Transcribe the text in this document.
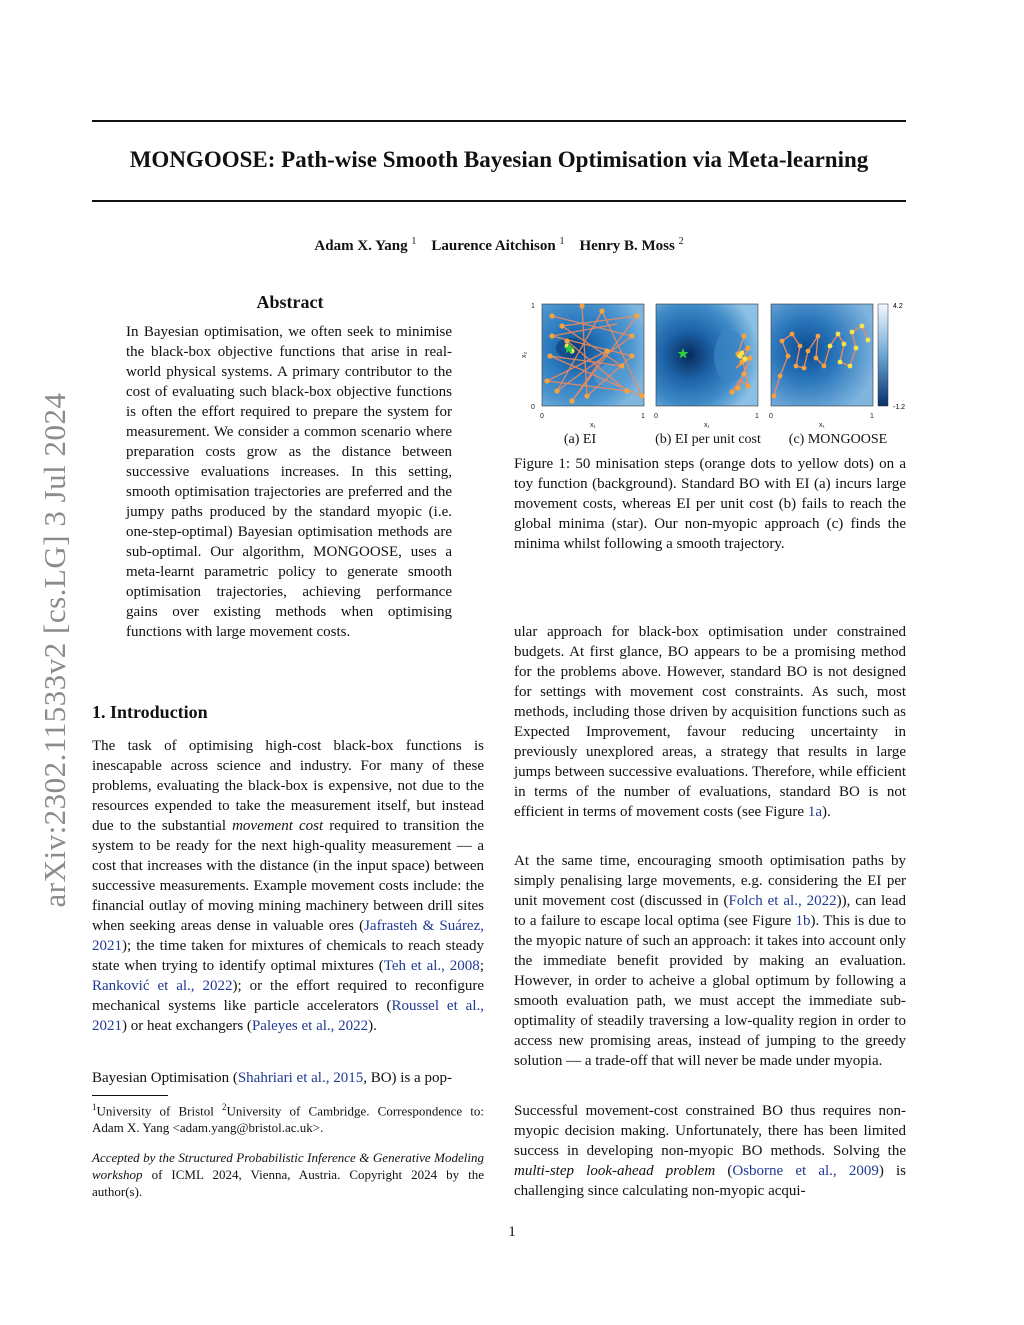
MONGOOSE: Path-wise Smooth Bayesian Optimisation via Meta-learning
Adam X. Yang $^1$ Laurence Aitchison $^1$ Henry B. Moss $^2$
arXiv:2302.11533v2 [cs.LG] 3 Jul 2024
Abstract
In Bayesian optimisation, we often seek to minimise the black-box objective functions that arise in real-world physical systems. A primary contributor to the cost of evaluating such black-box objective functions is often the effort required to prepare the system for measurement. We consider a common scenario where preparation costs grow as the distance between successive evaluations increases. In this setting, smooth optimisation trajectories are preferred and the jumpy paths produced by the standard myopic (i.e. one-step-optimal) Bayesian optimisation methods are sub-optimal. Our algorithm, MONGOOSE, uses a meta-learnt parametric policy to generate smooth optimisation trajectories, achieving performance gains over existing methods when optimising functions with large movement costs.
1. Introduction
The task of optimising high-cost black-box functions is inescapable across science and industry. For many of these problems, evaluating the black-box is expensive, not due to the resources expended to take the measurement itself, but instead due to the substantial movement cost required to transition the system to be ready for the next high-quality measurement — a cost that increases with the distance (in the input space) between successive measurements. Example movement costs include: the financial outlay of moving mining machinery between drill sites when seeking areas dense in valuable ores (Jafrasteh & Suárez, 2021); the time taken for mixtures of chemicals to reach steady state when trying to identify optimal mixtures (Teh et al., 2008; Ranković et al., 2022); or the effort required to reconfigure mechanical systems like particle accelerators (Roussel et al., 2021) or heat exchangers (Paleyes et al., 2022).
Bayesian Optimisation (Shahriari et al., 2015, BO) is a pop-
$^1$University of Bristol $^2$University of Cambridge. Correspondence to: Adam X. Yang <adam.yang@bristol.ac.uk>.
Accepted by the Structured Probabilistic Inference & Generative Modeling workshop of ICML 2024, Vienna, Austria. Copyright 2024 by the author(s).
4.2
-1.2
1
0
x₂
0	1
x₁
0	1
x₁
0	1
x₁
(a) EI	(b) EI per unit cost	(c) MONGOOSE
Figure 1: 50 minisation steps (orange dots to yellow dots) on a toy function (background). Standard BO with EI (a) incurs large movement costs, whereas EI per unit cost (b) fails to reach the global minima (star). Our non-myopic approach (c) finds the minima whilst following a smooth trajectory.
ular approach for black-box optimisation under constrained budgets. At first glance, BO appears to be a promising method for the problems above. However, standard BO is not designed for settings with movement cost constraints. As such, most methods, including those driven by acquisition functions such as Expected Improvement, favour reducing uncertainty in previously unexplored areas, a strategy that results in large jumps between successive evaluations. Therefore, while efficient in terms of the number of evaluations, standard BO is not efficient in terms of movement costs (see Figure 1a).
At the same time, encouraging smooth optimisation paths by simply penalising large movements, e.g. considering the EI per unit movement cost (discussed in (Folch et al., 2022)), can lead to a failure to escape local optima (see Figure 1b). This is due to the myopic nature of such an approach: it takes into account only the immediate benefit provided by making an evaluation. However, in order to acheive a global optimum by following a smooth evaluation path, we must accept the immediate sub-optimality of steadily traversing a low-quality region in order to access new promising areas, instead of jumping to the greedy solution — a trade-off that will never be made under myopia.
Successful movement-cost constrained BO thus requires non-myopic decision making. Unfortunately, there has been limited success in developing non-myopic BO methods. Solving the multi-step look-ahead problem (Osborne et al., 2009) is challenging since calculating non-myopic acqui-
1
